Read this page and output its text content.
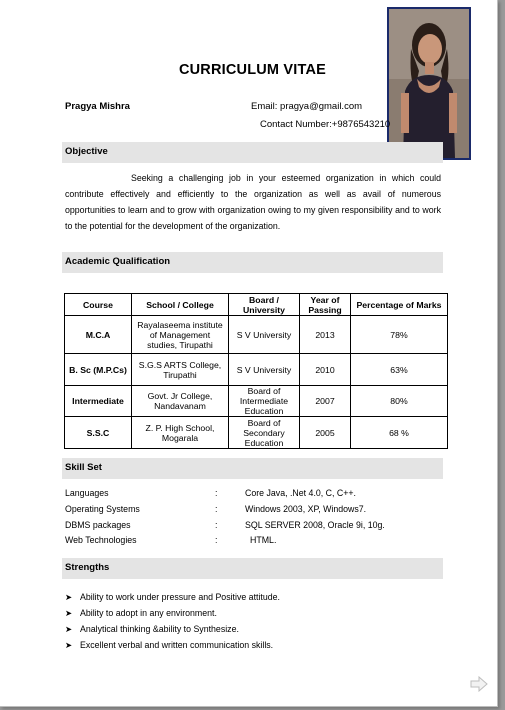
CURRICULUM VITAE
Pragya Mishra	Email: pragya@gmail.com
Contact Number:+9876543210
Objective
Seeking a challenging job in your esteemed organization in which could contribute effectively and efficiently to the organization as well as avail of numerous opportunities to learn and to grow with organization owing to my given responsibility and to work to the potential for the development of the organization.
Academic Qualification
Course	School / College	Board / University	Year of Passing	Percentage of Marks
M.C.A	Rayalaseema institute of Management studies, Tirupathi	S V University	2013	78%
B. Sc (M.P.Cs)	S.G.S ARTS College, Tirupathi	S V University	2010	63%
Intermediate	Govt. Jr College, Nandavanam	Board of Intermediate Education	2007	80%
S.S.C	Z. P. High School, Mogarala	Board of Secondary Education	2005	68 %
Skill Set
Languages	:	Core Java, .Net 4.0, C, C++.
Operating Systems	:	Windows 2003, XP, Windows7.
DBMS packages	:	SQL SERVER 2008, Oracle 9i, 10g.
Web Technologies	:	HTML.
Strengths
➤ Ability to work under pressure and Positive attitude.
➤ Ability to adopt in any environment.
➤ Analytical thinking &ability to Synthesize.
➤ Excellent verbal and written communication skills.
